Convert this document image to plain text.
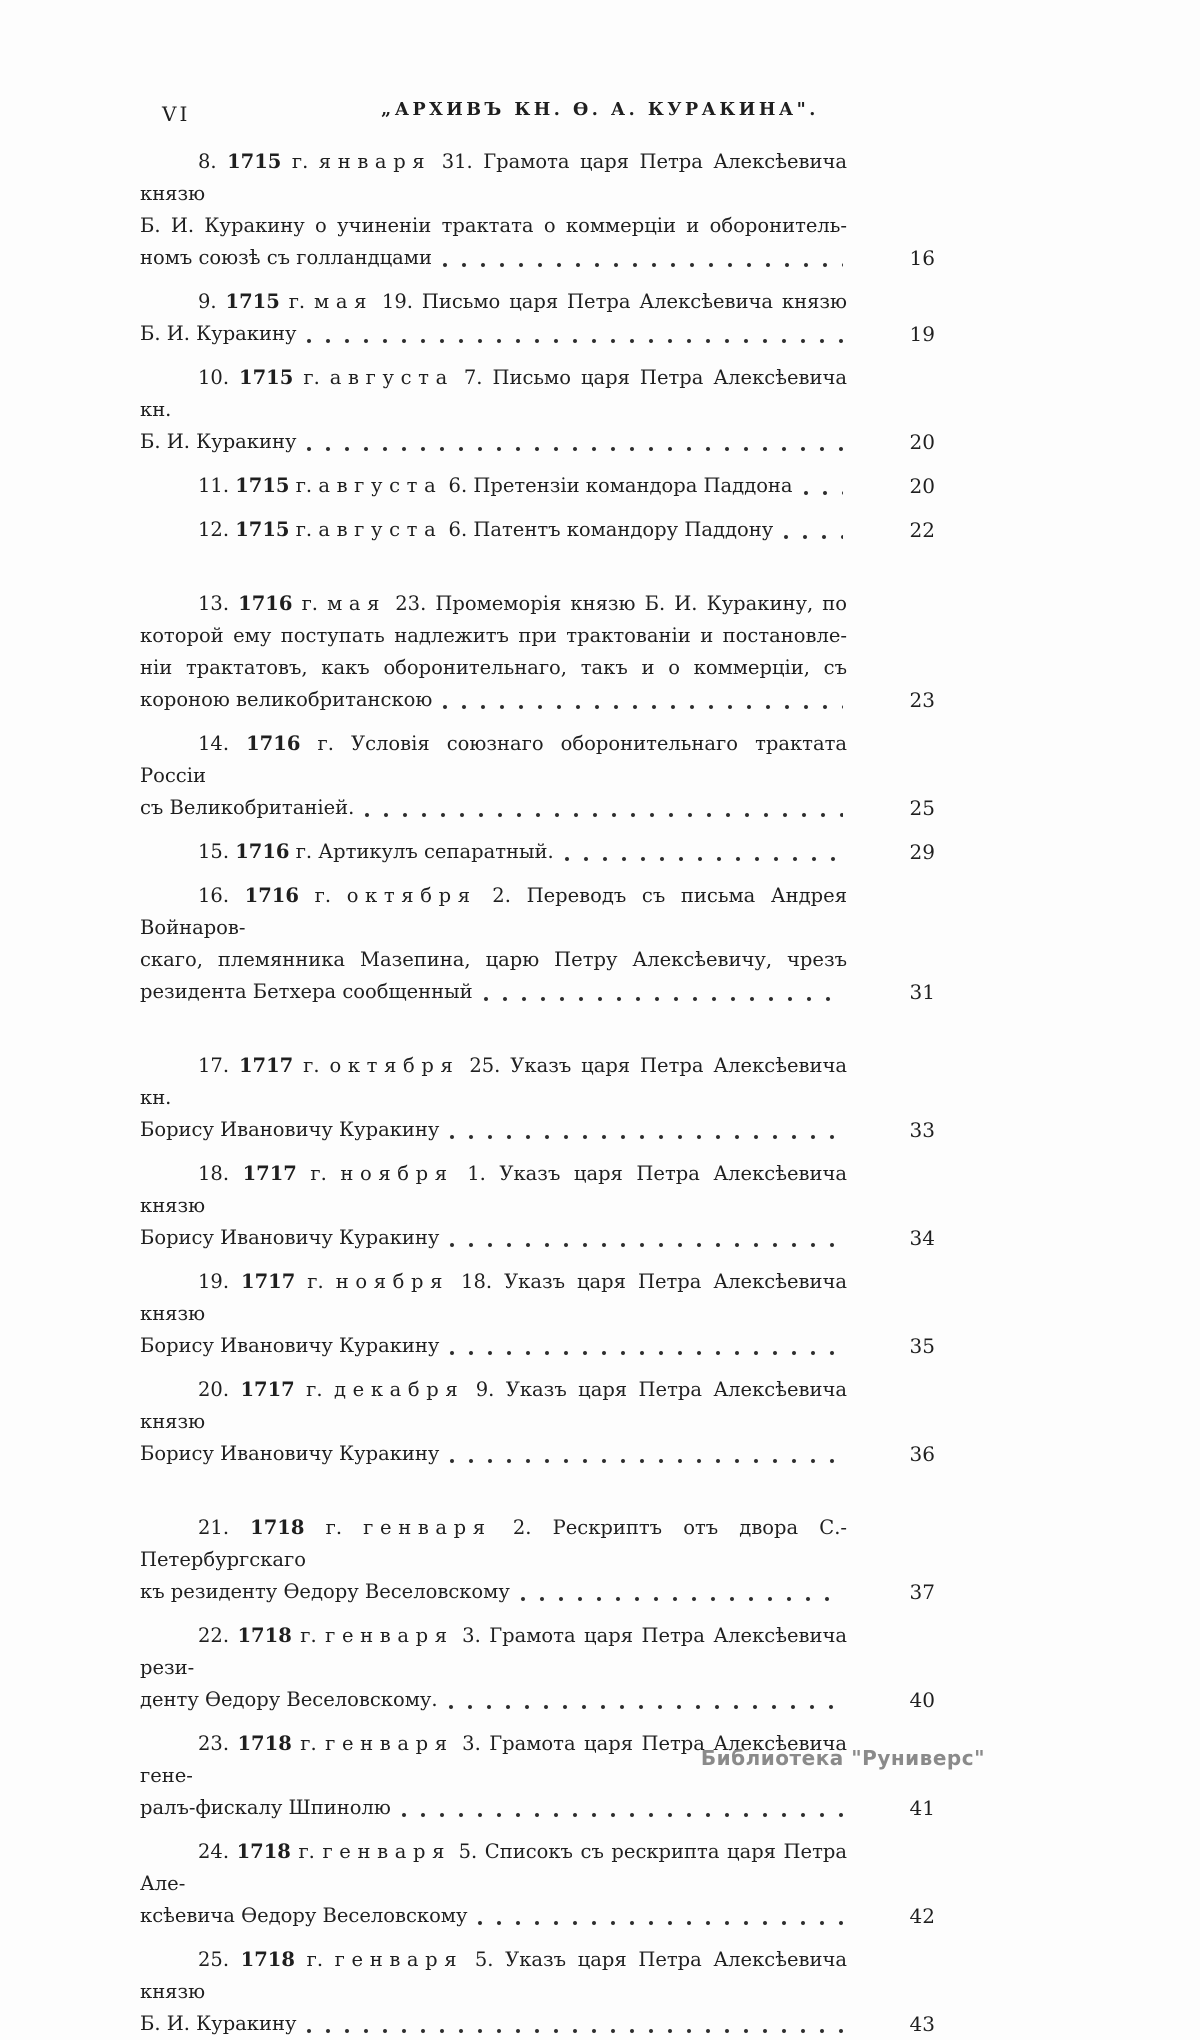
VI	„АРХИВЪ КН. Ѳ. А. КУРАКИНА".
8. 1715 г. января 31. Грамота царя Петра Алексѣевича князю
Б. И. Куракину о учиненіи трактата о коммерціи и оборонитель-
номъ союзѣ съ голландцами	16
9. 1715 г. мая 19. Письмо царя Петра Алексѣевича князю
Б. И. Куракину	19
10. 1715 г. августа 7. Письмо царя Петра Алексѣевича кн.
Б. И. Куракину	20
11. 1715 г. августа 6. Претензіи командора Паддона	20
12. 1715 г. августа 6. Патентъ командору Паддону	22
13. 1716 г. мая 23. Промеморія князю Б. И. Куракину, по
которой ему поступать надлежитъ при трактованіи и постановле-
ніи трактатовъ, какъ оборонительнаго, такъ и о коммерціи, съ
короною великобританскою	23
14. 1716 г. Условія союзнаго оборонительнаго трактата Россіи
съ Великобританіей.	25
15. 1716 г. Артикулъ сепаратный.	29
16. 1716 г. октября 2. Переводъ съ письма Андрея Войнаров-
скаго, племянника Мазепина, царю Петру Алексѣевичу, чрезъ
резидента Бетхера сообщенный	31
17. 1717 г. октября 25. Указъ царя Петра Алексѣевича кн.
Борису Ивановичу Куракину	33
18. 1717 г. ноября 1. Указъ царя Петра Алексѣевича князю
Борису Ивановичу Куракину	34
19. 1717 г. ноября 18. Указъ царя Петра Алексѣевича князю
Борису Ивановичу Куракину	35
20. 1717 г. декабря 9. Указъ царя Петра Алексѣевича князю
Борису Ивановичу Куракину	36
21. 1718 г. генваря 2. Рескриптъ отъ двора С.-Петербургскаго
къ резиденту Ѳедору Веселовскому	37
22. 1718 г. генваря 3. Грамота царя Петра Алексѣевича рези-
денту Ѳедору Веселовскому.	40
23. 1718 г. генваря 3. Грамота царя Петра Алексѣевича гене-
ралъ-фискалу Шпинолю	41
24. 1718 г. генваря 5. Списокъ съ рескрипта царя Петра Але-
ксѣевича Ѳедору Веселовскому	42
25. 1718 г. генваря 5. Указъ царя Петра Алексѣевича князю
Б. И. Куракину	43
Библиотека "Руниверс"
